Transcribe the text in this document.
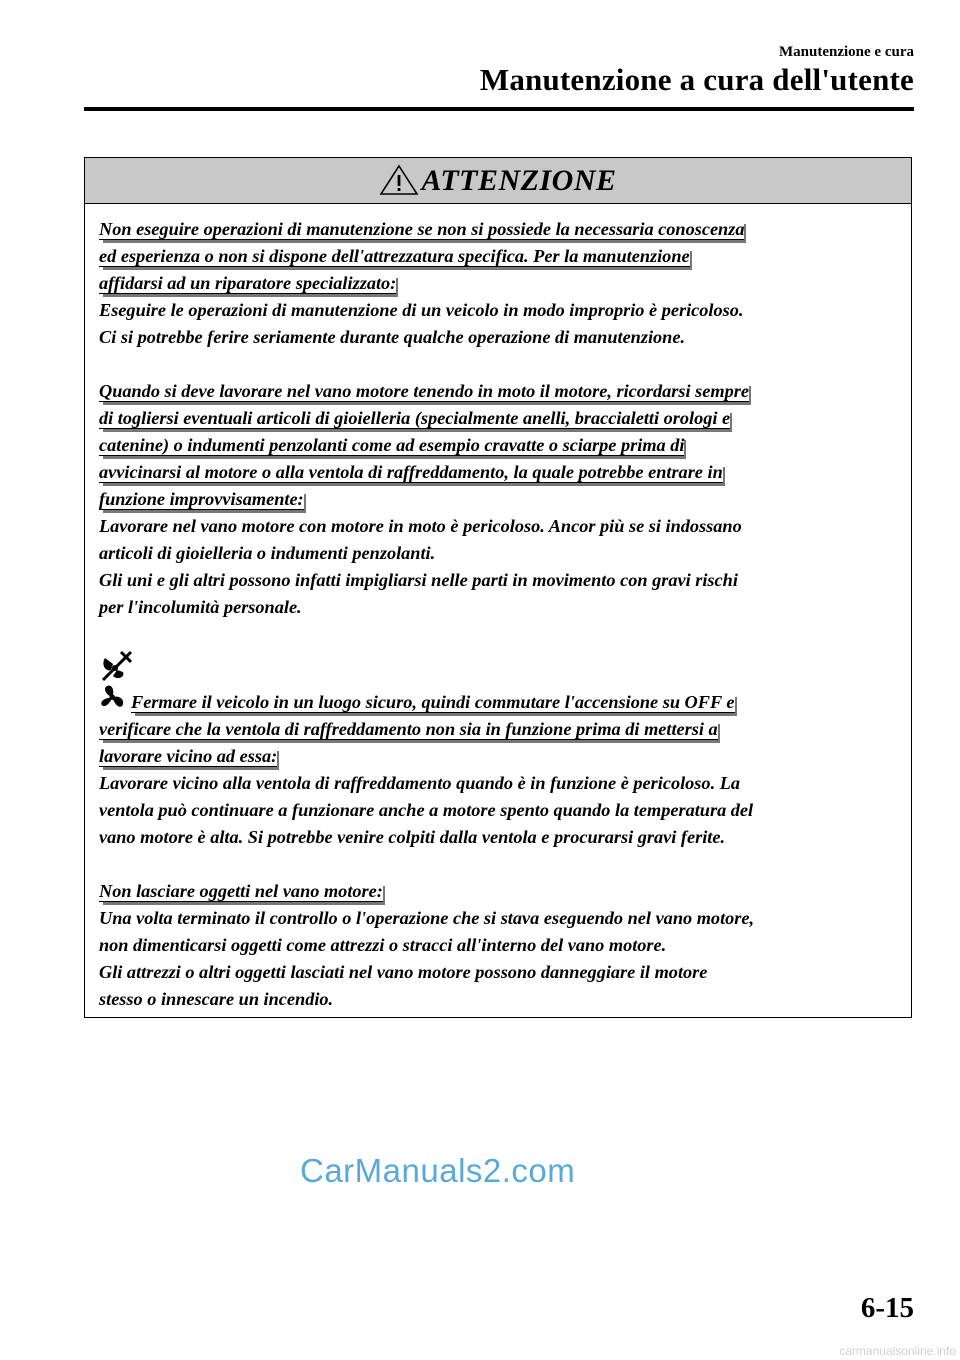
Manutenzione e cura
Manutenzione a cura dell'utente
ATTENZIONE
Non eseguire operazioni di manutenzione se non si possiede la necessaria conoscenza
ed esperienza o non si dispone dell'attrezzatura specifica. Per la manutenzione
affidarsi ad un riparatore specializzato:
Eseguire le operazioni di manutenzione di un veicolo in modo improprio è pericoloso.
Ci si potrebbe ferire seriamente durante qualche operazione di manutenzione.
Quando si deve lavorare nel vano motore tenendo in moto il motore, ricordarsi sempre
di togliersi eventuali articoli di gioielleria (specialmente anelli, braccialetti orologi e
catenine) o indumenti penzolanti come ad esempio cravatte o sciarpe prima di
avvicinarsi al motore o alla ventola di raffreddamento, la quale potrebbe entrare in
funzione improvvisamente:
Lavorare nel vano motore con motore in moto è pericoloso. Ancor più se si indossano
articoli di gioielleria o indumenti penzolanti.
Gli uni e gli altri possono infatti impigliarsi nelle parti in movimento con gravi rischi
per l'incolumità personale.
Fermare il veicolo in un luogo sicuro, quindi commutare l'accensione su OFF e
verificare che la ventola di raffreddamento non sia in funzione prima di mettersi a
lavorare vicino ad essa:
Lavorare vicino alla ventola di raffreddamento quando è in funzione è pericoloso. La
ventola può continuare a funzionare anche a motore spento quando la temperatura del
vano motore è alta. Si potrebbe venire colpiti dalla ventola e procurarsi gravi ferite.
Non lasciare oggetti nel vano motore:
Una volta terminato il controllo o l'operazione che si stava eseguendo nel vano motore,
non dimenticarsi oggetti come attrezzi o stracci all'interno del vano motore.
Gli attrezzi o altri oggetti lasciati nel vano motore possono danneggiare il motore
stesso o innescare un incendio.
CarManuals2.com
6-15
carmanualsonline.info
